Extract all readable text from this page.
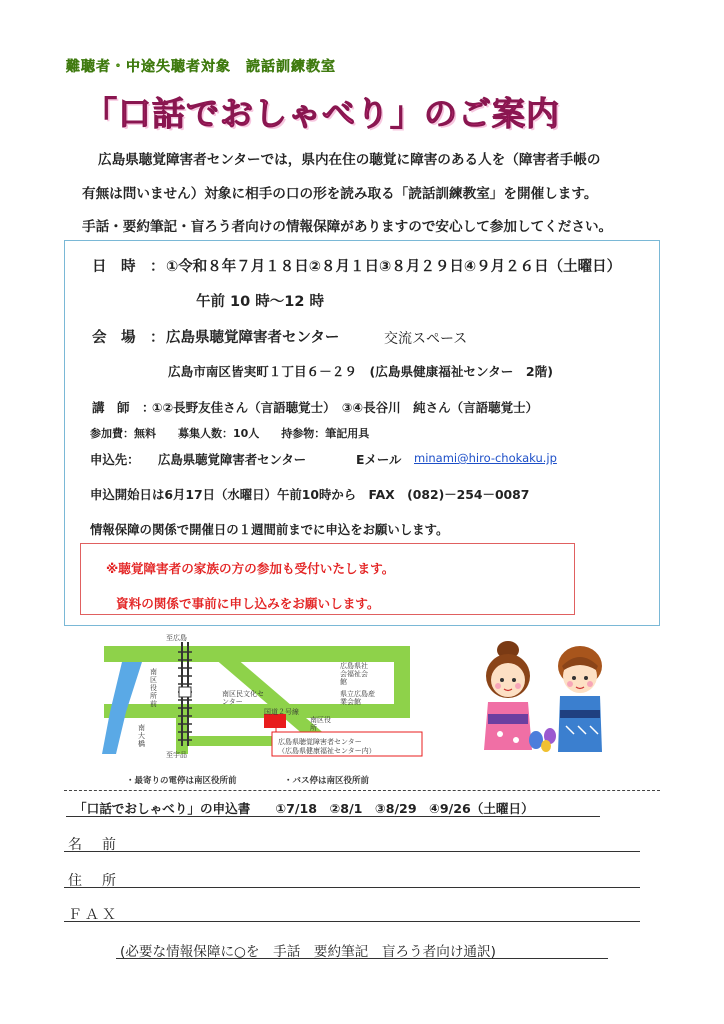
難聴者・中途失聴者対象　読話訓練教室
「口話でおしゃべり」のご案内
広島県聴覚障害者センターでは，県内在住の聴覚に障害のある人を（障害者手帳の
有無は問いません）対象に相手の口の形を読み取る「読話訓練教室」を開催します。
手話・要約筆記・盲ろう者向けの情報保障がありますので安心して参加してください。
日　時　： ①令和８年７月１８日②８月１日③８月２９日④９月２６日（土曜日）
午前 10 時～12 時
会　場　： 広島県聴覚障害者センター	交流スペース
広島市南区皆実町１丁目６－２９　(広島県健康福祉センター　2階)
講　師　：
①②長野友佳さん（言語聴覚士）　③④長谷川　純さん（言語聴覚士）
参加費：無料　　募集人数：10人　　持参物：筆記用具
申込先： 広島県聴覚障害者センター	Eメール minami@hiro-chokaku.jp
申込開始日は6月17日（水曜日）午前10時から　FAX　(082)－254－0087
情報保障の関係で開催日の１週間前までに申込をお願いします。
※聴覚障害者の家族の方の参加も受付いたします。
資料の関係で事前に申し込みをお願いします。
至広島
至宇品
南区役所前
南大橋
南区民文化センター
国道２号線
南区役所
広島県社会福祉会館
県立広島産業会館
広島県聴覚障害者センター
（広島県健康福祉センター内）
・最寄りの電停は南区役所前	・バス停は南区役所前
「口話でおしゃべり」の申込書　　①7/18　②8/1　③8/29　④9/26（土曜日）
名　前
住　所
ＦＡＸ
(必要な情報保障に○を　手話　要約筆記　盲ろう者向け通訳)
